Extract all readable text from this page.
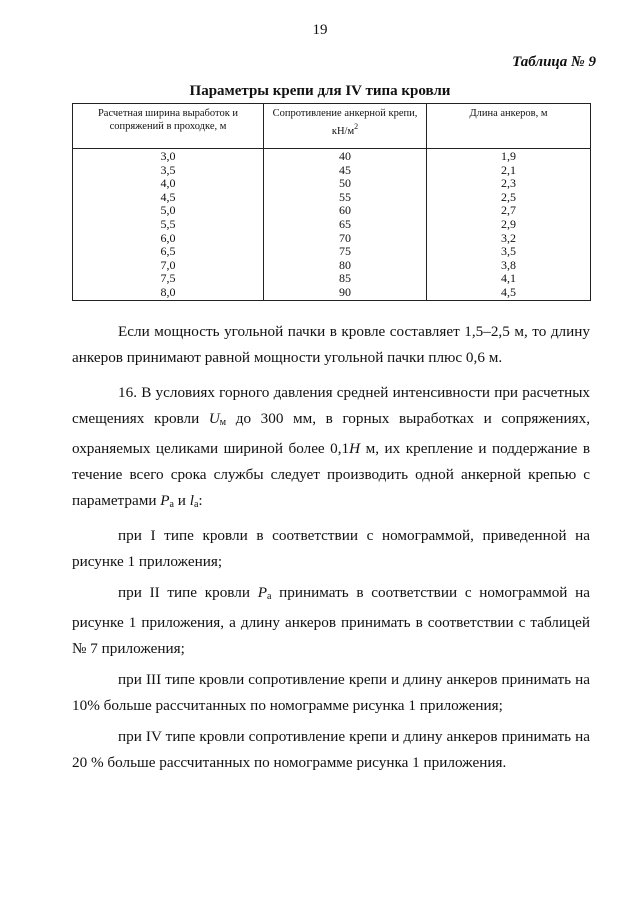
19
Таблица № 9
Параметры крепи для IV типа кровли
Расчетная ширина выработок и сопряжений в проходке, м	Сопротивление анкерной крепи, $кН/м^2$	Длина анкеров, м
3,0	40	1,9
3,5	45	2,1
4,0	50	2,3
4,5	55	2,5
5,0	60	2,7
5,5	65	2,9
6,0	70	3,2
6,5	75	3,5
7,0	80	3,8
7,5	85	4,1
8,0	90	4,5

Если мощность угольной пачки в кровле составляет 1,5–2,5 м, то длину анкеров принимают равной мощности угольной пачки плюс 0,6 м.

16. В условиях горного давления средней интенсивности при расчетных смещениях кровли $U_м$ до 300 мм, в горных выработках и сопряжениях, охраняемых целиками шириной более 0,1H м, их крепление и поддержание в течение всего срока службы следует производить одной анкерной крепью с параметрами $P_а$ и $l_а$:

при I типе кровли в соответствии с номограммой, приведенной на рисунке 1 приложения;

при II типе кровли $P_а$ принимать в соответствии с номограммой на рисунке 1 приложения, а длину анкеров принимать в соответствии с таблицей № 7 приложения;

при III типе кровли сопротивление крепи и длину анкеров принимать на 10% больше рассчитанных по номограмме рисунка 1 приложения;

при IV типе кровли сопротивление крепи и длину анкеров принимать на 20 % больше рассчитанных по номограмме рисунка 1 приложения.
